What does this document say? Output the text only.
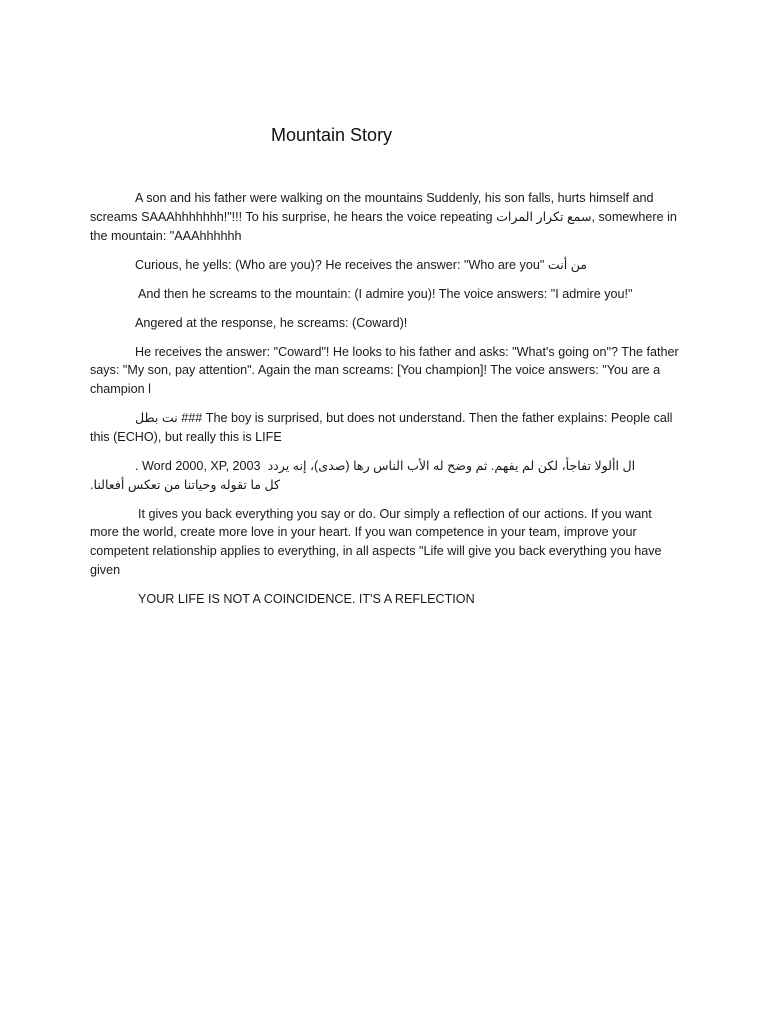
Mountain Story

A son and his father were walking on the mountains Suddenly, his son falls, hurts himself and screams SAAAhhhhhhh!"!!! To his surprise, he hears the voice repeating سمع تكرار المرات, somewhere in the mountain: "AAAhhhhhh

Curious, he yells: (Who are you)? He receives the answer: "Who are you" من أنت

And then he screams to the mountain: (I admire you)! The voice answers: "I admire you!"

Angered at the response, he screams: (Coward)!

He receives the answer: "Coward"! He looks to his father and asks: "What's going on"? The father says: "My son, pay attention". Again the man screams: [You champion]! The voice answers: "You are a champion l

نت بطل ### The boy is surprised, but does not understand. Then the father explains: People call this (ECHO), but really this is LIFE

. Word 2000, XP, 2003 ال األولا تفاجأ، لكن لم يفهم. ثم وضح له الأب الناس رها (صدى)، إنه يردد
كل ما تقوله وحياتنا من تعكس أفعالنا.

It gives you back everything you say or do. Our simply a reflection of our actions. If you want more the world, create more love in your heart. If you wan competence in your team, improve your competent relationship applies to everything, in all aspects "Life will give you back everything you have given

YOUR LIFE IS NOT A COINCIDENCE. IT'S A REFLECTION
